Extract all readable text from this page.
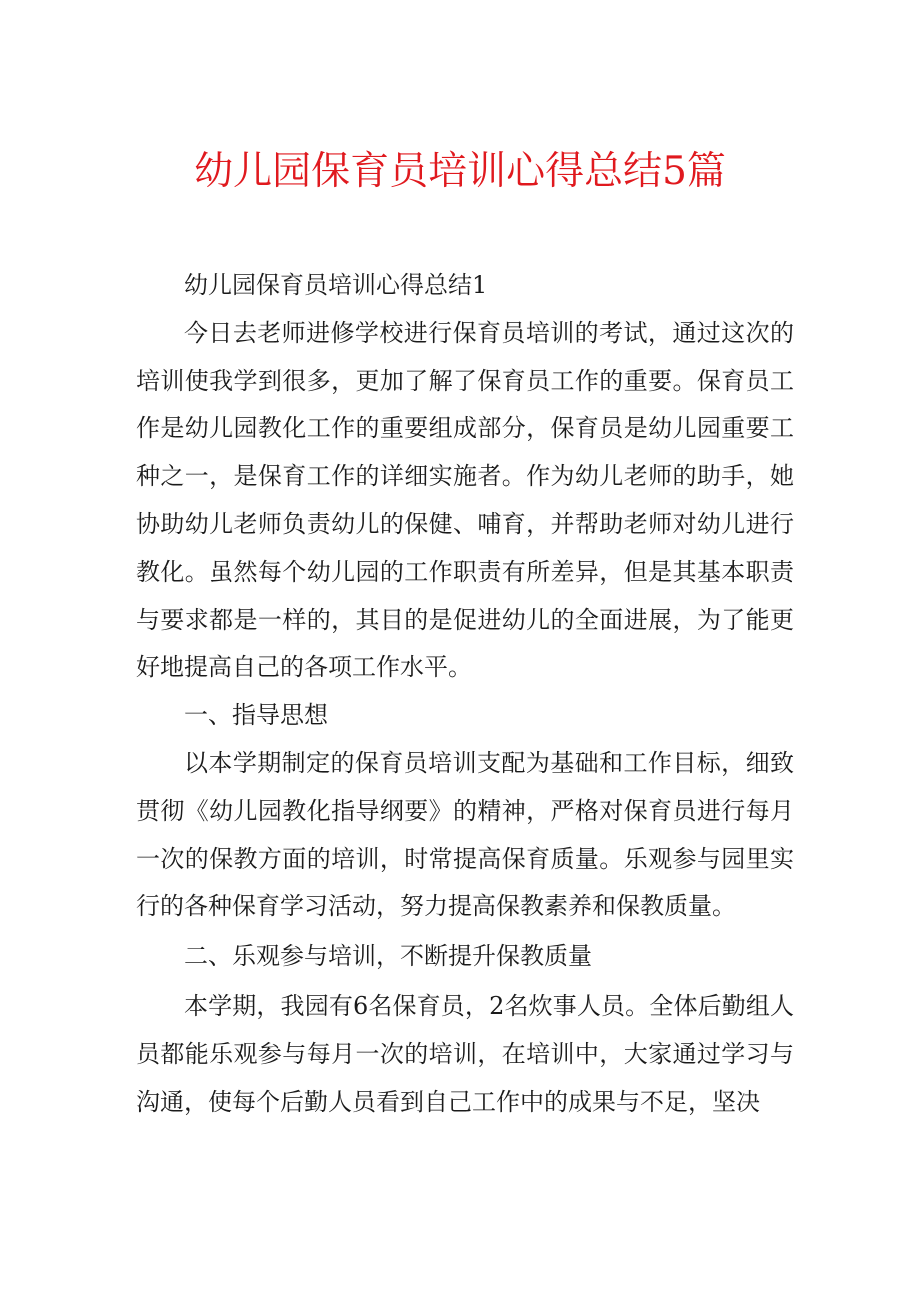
幼儿园保育员培训心得总结5篇

幼儿园保育员培训心得总结1

今日去老师进修学校进行保育员培训的考试，通过这次的培训使我学到很多，更加了解了保育员工作的重要。保育员工作是幼儿园教化工作的重要组成部分，保育员是幼儿园重要工种之一，是保育工作的详细实施者。作为幼儿老师的助手，她协助幼儿老师负责幼儿的保健、哺育，并帮助老师对幼儿进行教化。虽然每个幼儿园的工作职责有所差异，但是其基本职责与要求都是一样的，其目的是促进幼儿的全面进展，为了能更好地提高自己的各项工作水平。

一、指导思想

以本学期制定的保育员培训支配为基础和工作目标，细致贯彻《幼儿园教化指导纲要》的精神，严格对保育员进行每月一次的保教方面的培训，时常提高保育质量。乐观参与园里实行的各种保育学习活动，努力提高保教素养和保教质量。

二、乐观参与培训，不断提升保教质量

本学期，我园有6名保育员，2名炊事人员。全体后勤组人员都能乐观参与每月一次的培训，在培训中，大家通过学习与沟通，使每个后勤人员看到自己工作中的成果与不足，坚决
